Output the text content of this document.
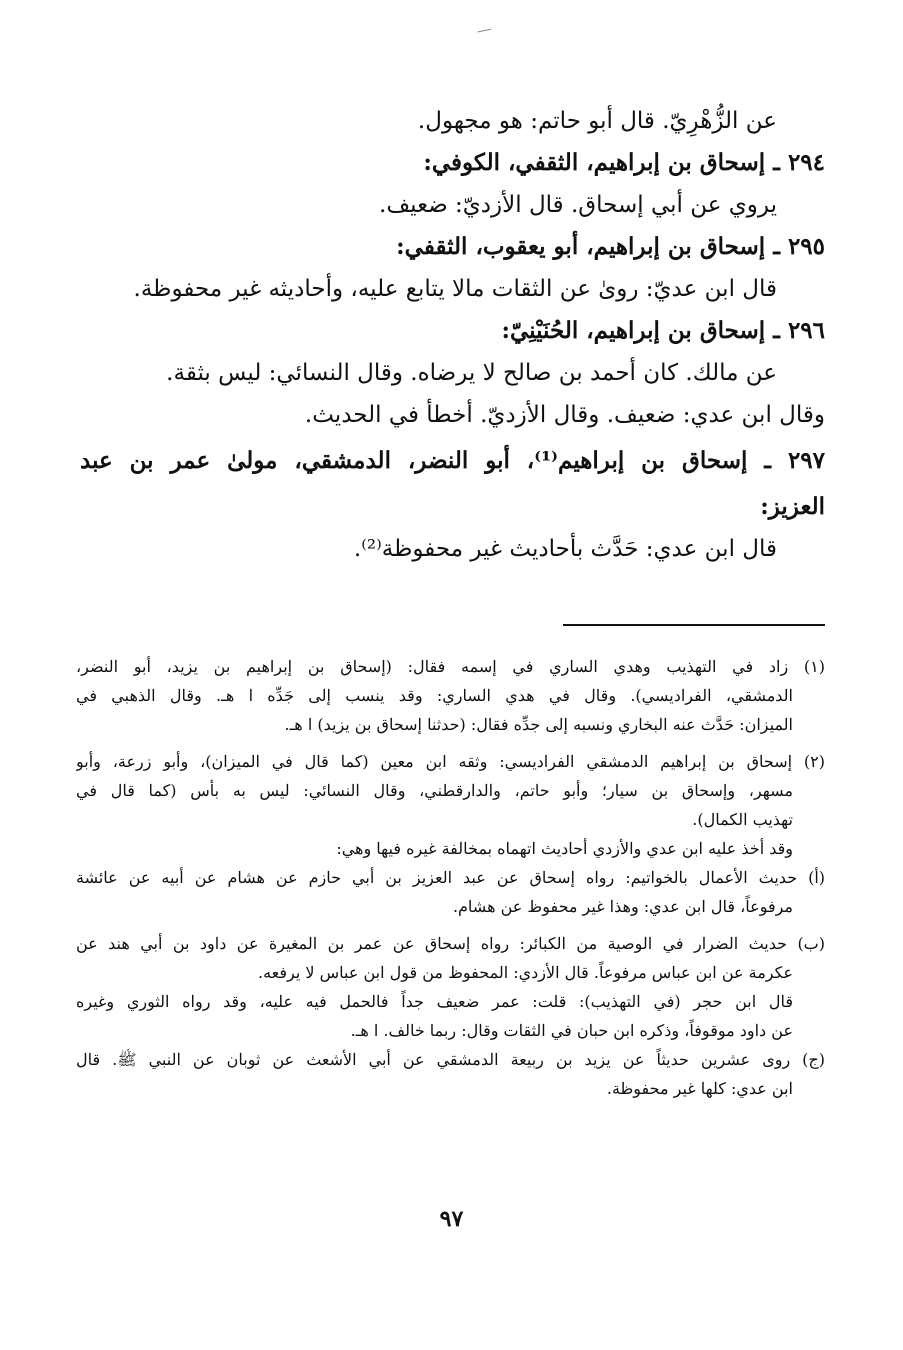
عن الزُّهْرِيّ. قال أبو حاتم: هو مجهول.
٢٩٤ ـ إسحاق بن إبراهيم، الثقفي، الكوفي:
يروي عن أبي إسحاق. قال الأزديّ: ضعيف.
٢٩٥ ـ إسحاق بن إبراهيم، أبو يعقوب، الثقفي:
قال ابن عديّ: روىٰ عن الثقات مالا يتابع عليه، وأحاديثه غير محفوظة.
٢٩٦ ـ إسحاق بن إبراهيم، الحُنَيْنِيّ:
عن مالك. كان أحمد بن صالح لا يرضاه. وقال النسائي: ليس بثقة.
وقال ابن عدي: ضعيف. وقال الأزديّ. أخطأ في الحديث.
٢٩٧ ـ إسحاق بن إبراهيم⁽¹⁾، أبو النضر، الدمشقي، مولىٰ عمر بن عبد
العزيز:
قال ابن عدي: حَدَّث بأحاديث غير محفوظة⁽²⁾.
(١) زاد في التهذيب وهدي الساري في إسمه فقال: (إسحاق بن إبراهيم بن يزيد، أبو النضر،
الدمشقي، الفراديسي). وقال في هدي الساري: وقد ينسب إلى جَدِّه ا هـ. وقال الذهبي في
الميزان: حَدَّث عنه البخاري ونسبه إلى جدِّه فقال: (حدثنا إسحاق بن يزيد) ا هـ.
(٢) إسحاق بن إبراهيم الدمشقي الفراديسي: وثقه ابن معين (كما قال في الميزان)، وأبو زرعة، وأبو
مسهر، وإسحاق بن سيار؛ وأبو حاتم، والدارقطني، وقال النسائي: ليس به بأس (كما قال في
تهذيب الكمال).
وقد أخذ عليه ابن عدي والأزدي أحاديث اتهماه بمخالفة غيره فيها وهي:
(أ) حديث الأعمال بالخواتيم: رواه إسحاق عن عبد العزيز بن أبي حازم عن هشام عن أبيه عن عائشة
مرفوعاً، قال ابن عدي: وهذا غير محفوظ عن هشام.
(ب) حديث الضرار في الوصية من الكبائر: رواه إسحاق عن عمر بن المغيرة عن داود بن أبي هند عن
عكرمة عن ابن عباس مرفوعاً. قال الأزدي: المحفوظ من قول ابن عباس لا يرفعه.
قال ابن حجر (في التهذيب): قلت: عمر ضعيف جداً فالحمل فيه عليه، وقد رواه الثوري وغيره
عن داود موقوفاً، وذكره ابن حبان في الثقات وقال: ربما خالف. ا هـ.
(ج) روى عشرين حديثاً عن يزيد بن ربيعة الدمشقي عن أبي الأشعث عن ثوبان عن النبي ﷺ. قال
ابن عدي: كلها غير محفوظة.
٩٧
